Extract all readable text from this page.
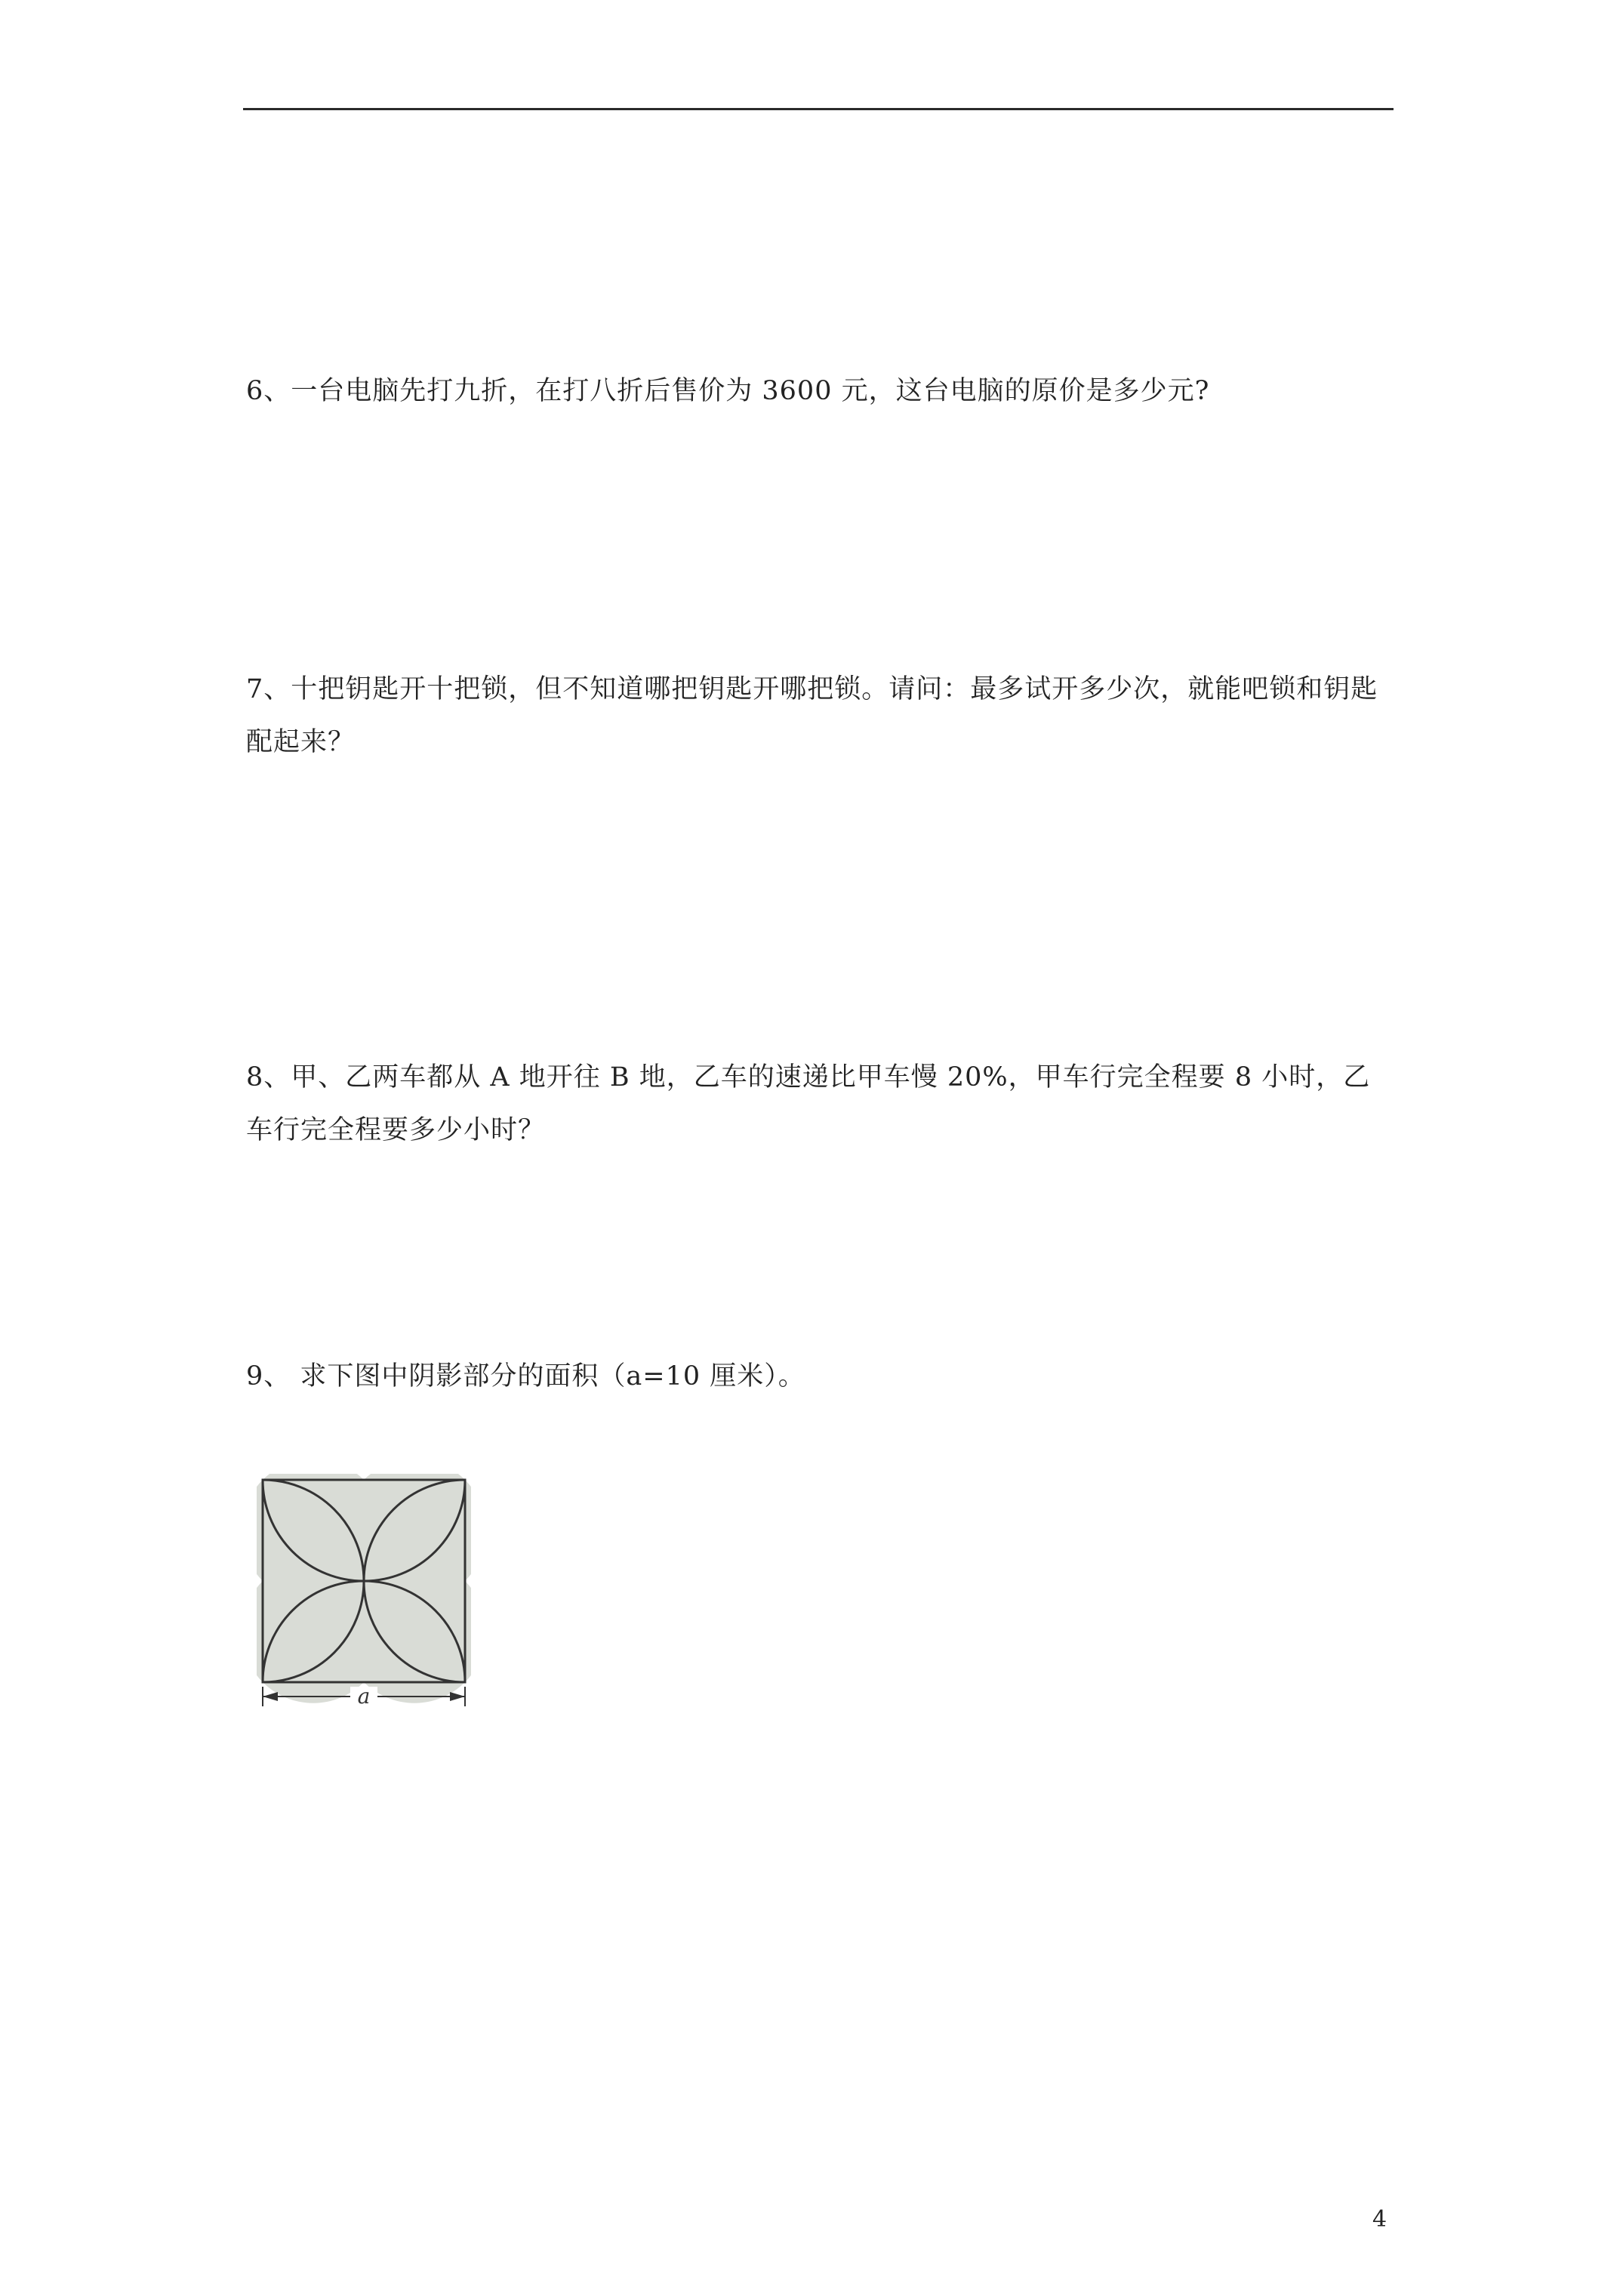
6、一台电脑先打九折，在打八折后售价为 3600 元，这台电脑的原价是多少元?
7、十把钥匙开十把锁，但不知道哪把钥匙开哪把锁。请问：最多试开多少次，就能吧锁和钥匙配起来？
8、甲、乙两车都从 A 地开往 B 地，乙车的速递比甲车慢 20%，甲车行完全程要 8 小时，乙车行完全程要多少小时？
9、 求下图中阴影部分的面积（a=10 厘米）。
a
4
